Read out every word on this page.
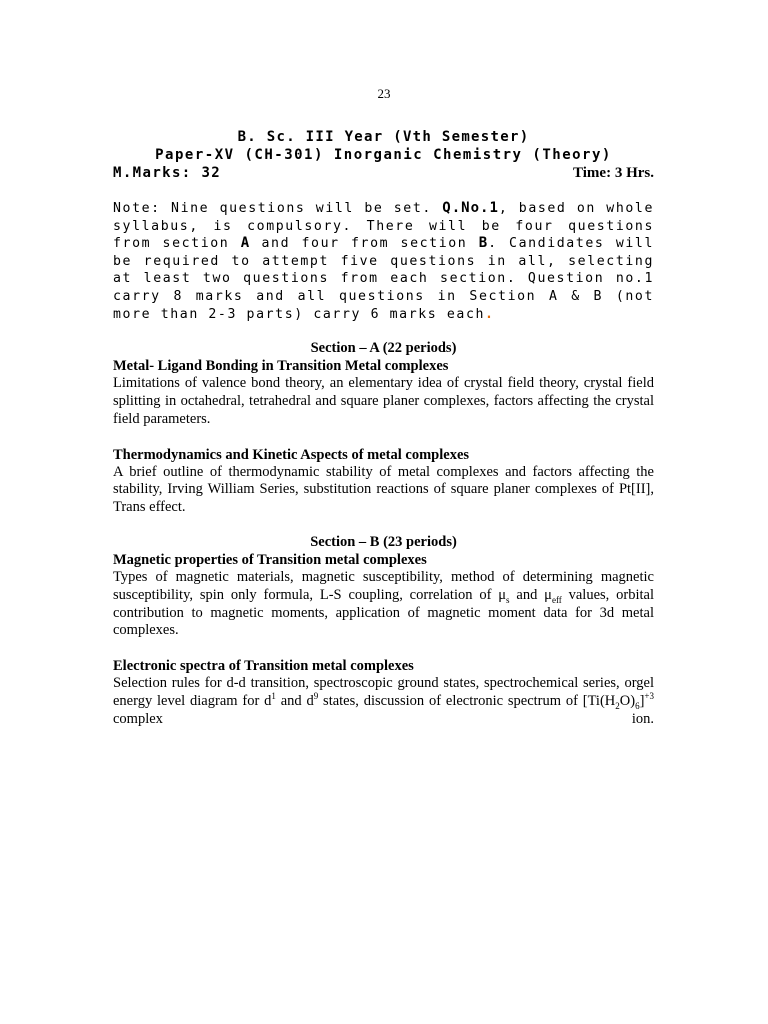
23
B. Sc. III Year (Vth Semester)
Paper-XV (CH-301) Inorganic Chemistry (Theory)
M.Marks: 32	Time: 3 Hrs.
Note: Nine questions will be set. Q.No.1, based on whole syllabus, is compulsory. There will be four questions from section A and four from section B. Candidates will be required to attempt five questions in all, selecting at least two questions from each section. Question no.1 carry 8 marks and all questions in Section A & B (not more than 2-3 parts) carry 6 marks each.
Section – A (22 periods)
Metal- Ligand Bonding in Transition Metal complexes
Limitations of valence bond theory, an elementary idea of crystal field theory, crystal field splitting in octahedral, tetrahedral and square planer complexes, factors affecting the crystal field parameters.
Thermodynamics and Kinetic Aspects of metal complexes
A brief outline of thermodynamic stability of metal complexes and factors affecting the stability, Irving William Series, substitution reactions of square planer complexes of Pt[II], Trans effect.
Section – B (23 periods)
Magnetic properties of Transition metal complexes
Types of magnetic materials, magnetic susceptibility, method of determining magnetic susceptibility, spin only formula, L-S coupling, correlation of $\mu_s$ and $\mu_{eff}$ values, orbital contribution to magnetic moments, application of magnetic moment data for 3d metal complexes.
Electronic spectra of Transition metal complexes
Selection rules for d-d transition, spectroscopic ground states, spectrochemical series, orgel energy level diagram for $d^1$ and $d^9$ states, discussion of electronic spectrum of $[Ti(H_2O)_6]^{+3}$ complex ion.
